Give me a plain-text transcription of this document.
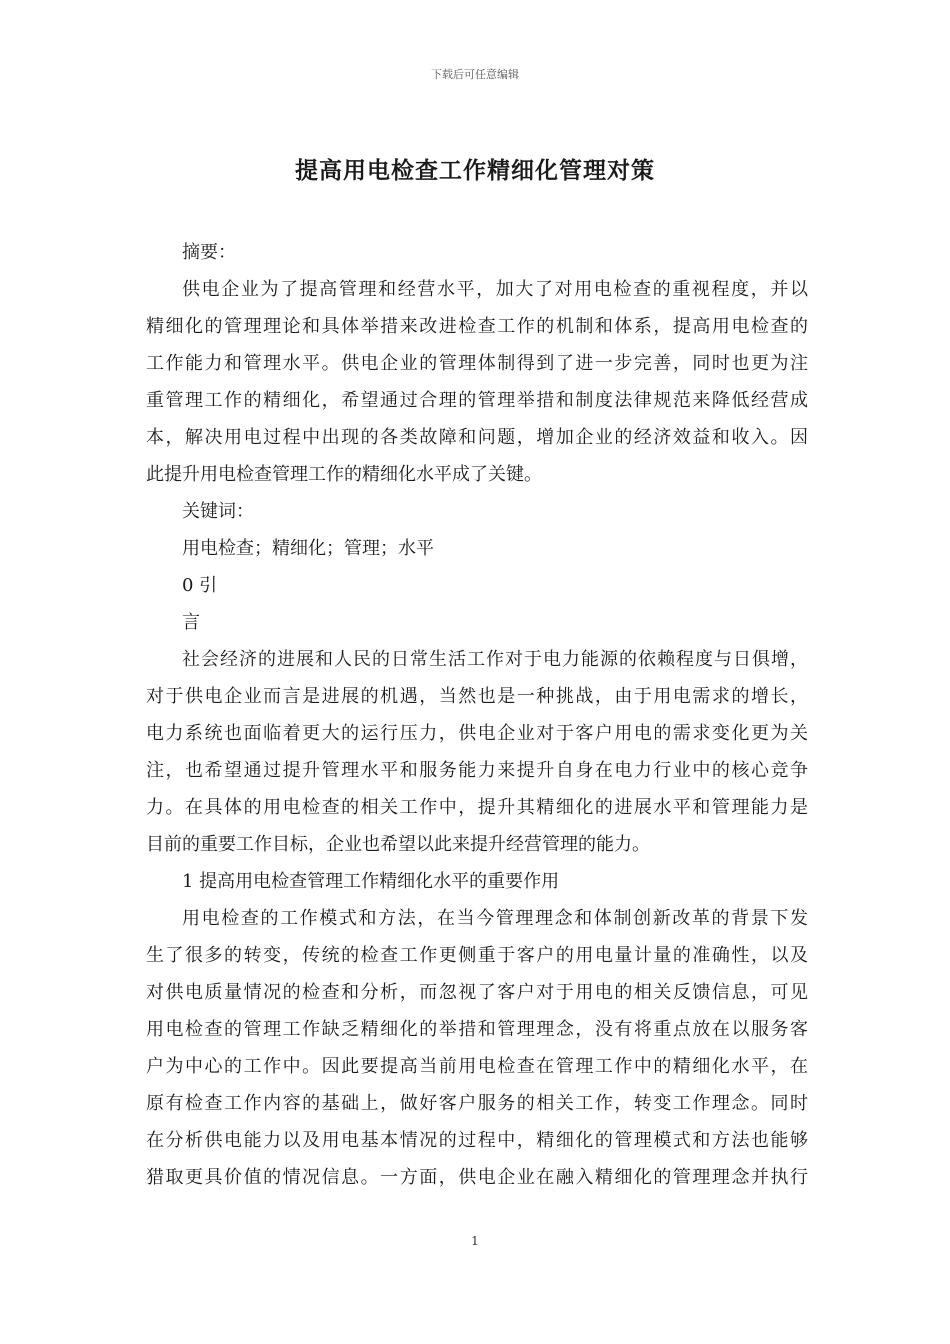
下载后可任意编辑
提高用电检查工作精细化管理对策
摘要：
供电企业为了提高管理和经营水平，加大了对用电检查的重视程度，并以
精细化的管理理论和具体举措来改进检查工作的机制和体系，提高用电检查的
工作能力和管理水平。供电企业的管理体制得到了进一步完善，同时也更为注
重管理工作的精细化，希望通过合理的管理举措和制度法律规范来降低经营成
本，解决用电过程中出现的各类故障和问题，增加企业的经济效益和收入。因
此提升用电检查管理工作的精细化水平成了关键。
关键词：
用电检查；精细化；管理；水平
0 引
言
社会经济的进展和人民的日常生活工作对于电力能源的依赖程度与日俱增，
对于供电企业而言是进展的机遇，当然也是一种挑战，由于用电需求的增长，
电力系统也面临着更大的运行压力，供电企业对于客户用电的需求变化更为关
注，也希望通过提升管理水平和服务能力来提升自身在电力行业中的核心竞争
力。在具体的用电检查的相关工作中，提升其精细化的进展水平和管理能力是
目前的重要工作目标，企业也希望以此来提升经营管理的能力。
1 提高用电检查管理工作精细化水平的重要作用
用电检查的工作模式和方法，在当今管理理念和体制创新改革的背景下发
生了很多的转变，传统的检查工作更侧重于客户的用电量计量的准确性，以及
对供电质量情况的检查和分析，而忽视了客户对于用电的相关反馈信息，可见
用电检查的管理工作缺乏精细化的举措和管理理念，没有将重点放在以服务客
户为中心的工作中。因此要提高当前用电检查在管理工作中的精细化水平，在
原有检查工作内容的基础上，做好客户服务的相关工作，转变工作理念。同时
在分析供电能力以及用电基本情况的过程中，精细化的管理模式和方法也能够
猎取更具价值的情况信息。一方面，供电企业在融入精细化的管理理念并执行
1
